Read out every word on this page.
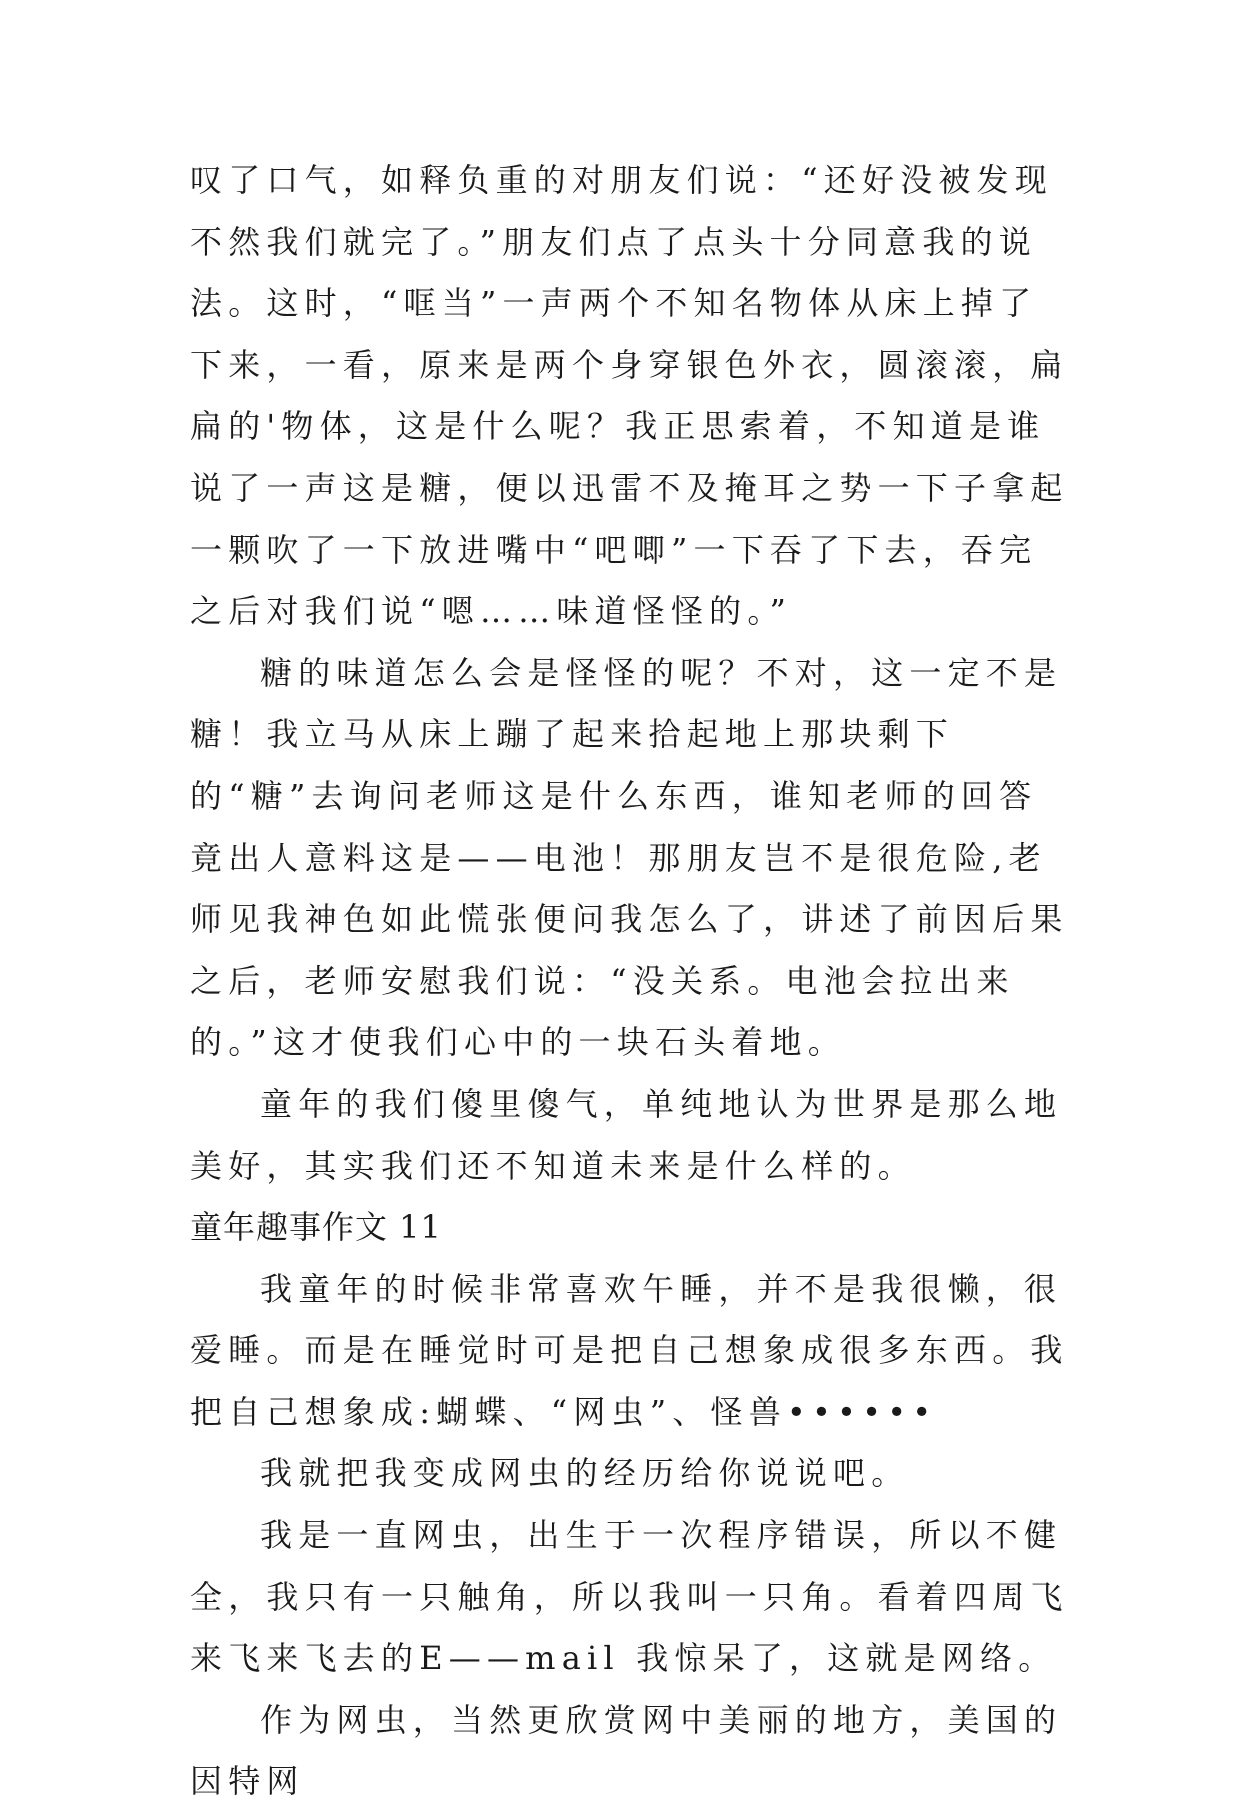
叹了口气，如释负重的对朋友们说：“还好没被发现不然我们就完了。”朋友们点了点头十分同意我的说法。这时，“哐当”一声两个不知名物体从床上掉了下来，一看，原来是两个身穿银色外衣，圆滚滚，扁扁的'物体，这是什么呢？我正思索着，不知道是谁说了一声这是糖，便以迅雷不及掩耳之势一下子拿起一颗吹了一下放进嘴中“吧唧”一下吞了下去，吞完之后对我们说“嗯……味道怪怪的。”

糖的味道怎么会是怪怪的呢？不对，这一定不是糖！我立马从床上蹦了起来拾起地上那块剩下的“糖”去询问老师这是什么东西，谁知老师的回答竟出人意料这是——电池！那朋友岂不是很危险,老师见我神色如此慌张便问我怎么了，讲述了前因后果之后，老师安慰我们说：“没关系。电池会拉出来的。”这才使我们心中的一块石头着地。

童年的我们傻里傻气，单纯地认为世界是那么地美好，其实我们还不知道未来是什么样的。

童年趣事作文 11

我童年的时候非常喜欢午睡，并不是我很懒，很爱睡。而是在睡觉时可是把自己想象成很多东西。我把自己想象成:蝴蝶、“网虫”、怪兽••••••

我就把我变成网虫的经历给你说说吧。

我是一直网虫，出生于一次程序错误，所以不健全，我只有一只触角，所以我叫一只角。看着四周飞来飞来飞去的E——mail 我惊呆了，这就是网络。

作为网虫，当然更欣赏网中美丽的地方，美国的因特网
